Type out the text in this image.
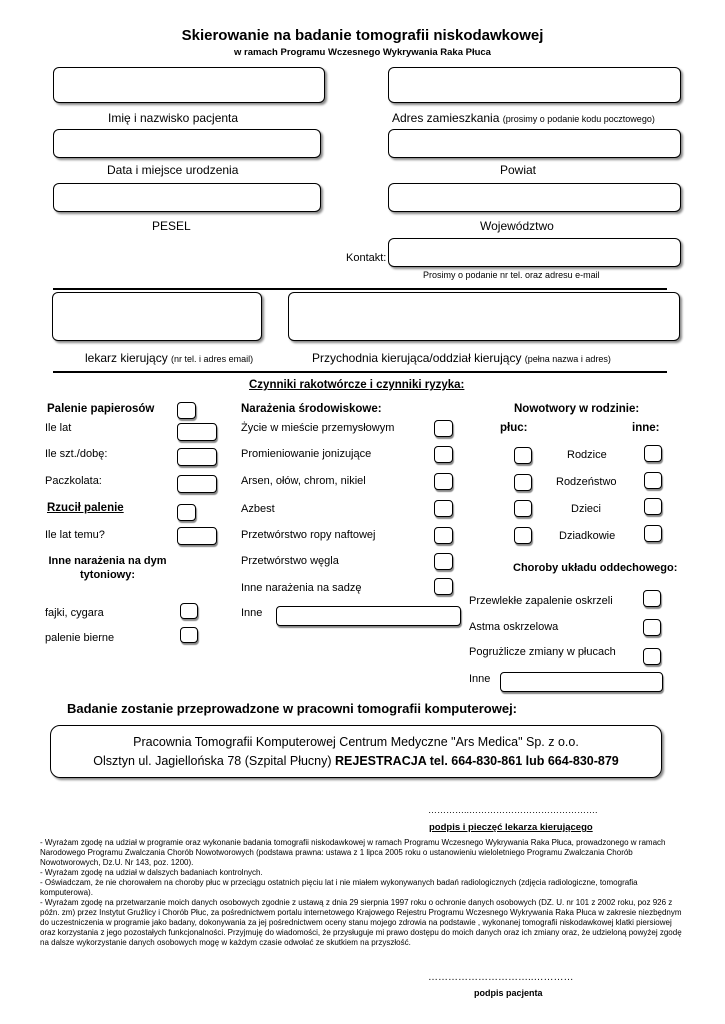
Skierowanie na badanie tomografii niskodawkowej
w ramach Programu Wczesnego Wykrywania Raka Płuca
Imię i nazwisko pacjenta	Adres zamieszkania (prosimy o podanie kodu pocztowego)
Data i miejsce urodzenia	Powiat
PESEL	Województwo
Kontakt:
Prosimy o podanie nr tel. oraz adresu e-mail
lekarz kierujący (nr tel. i adres email)	Przychodnia kierująca/oddział kierujący (pełna nazwa i adres)
Czynniki rakotwórcze i czynniki ryzyka:
Palenie papierosów
Ile lat
Ile szt./dobę:
Paczkolata:
Rzucił palenie
Ile lat temu?
Inne narażenia na dym tytoniowy:
fajki, cygara
palenie bierne
Narażenia środowiskowe:
Życie w mieście przemysłowym
Promieniowanie jonizujące
Arsen, ołów, chrom, nikiel
Azbest
Przetwórstwo ropy naftowej
Przetwórstwo węgla
Inne narażenia na sadzę
Inne
Nowotwory w rodzinie:
płuc:	inne:
Rodzice
Rodzeństwo
Dzieci
Dziadkowie
Choroby układu oddechowego:
Przewlekłe zapalenie oskrzeli
Astma oskrzelowa
Pogrużlicze zmiany w płucach
Inne
Badanie zostanie przeprowadzone w pracowni tomografii komputerowej:
Pracownia Tomografii Komputerowej Centrum Medyczne "Ars Medica" Sp. z o.o.
Olsztyn ul. Jagiellońska 78 (Szpital Płucny) REJESTRACJA tel. 664-830-861 lub 664-830-879
…………..…………………………………….
podpis i pieczęć lekarza kierującego

- Wyrażam zgodę na udział w programie oraz wykonanie badania tomografii niskodawkowej w ramach Programu Wczesnego Wykrywania Raka Płuca, prowadzonego w ramach Narodowego Programu Zwalczania Chorób Nowotworowych (podstawa prawna: ustawa z 1 lipca 2005 roku o ustanowieniu wieloletniego Programu Zwalczania Chorób Nowotworowych, Dz.U. Nr 143, poz. 1200).

- Wyrażam zgodę na udział w dalszych badaniach kontrolnych.

- Oświadczam, że nie chorowałem na choroby płuc w przeciągu ostatnich pięciu lat i nie miałem wykonywanych badań radiologicznych (zdjęcia radiologiczne, tomografia komputerowa).

- Wyrażam zgodę na przetwarzanie moich danych osobowych zgodnie z ustawą z dnia 29 sierpnia 1997 roku o ochronie danych osobowych (DZ. U. nr 101 z 2002 roku, poz 926 z późn. zm) przez Instytut Gruźlicy i Chorób Płuc, za pośrednictwem portalu internetowego Krajowego Rejestru Programu Wczesnego Wykrywania Raka Płuca w zakresie niezbędnym do uczestniczenia w programie jako badany, dokonywania za jej pośrednictwem oceny stanu mojego zdrowia na podstawie , wykonanej tomografii niskodawkowej klatki piersiowej oraz korzystania z jego pozostałych funkcjonalności. Przyjmuję do wiadomości, że przysługuje mi prawo dostępu do moich danych oraz ich zmiany oraz, że udzieloną powyżej zgodę na dalsze wykorzystanie danych osobowych mogę w każdym czasie odwołać ze skutkiem na przyszłość.

…………………………..…………
podpis pacjenta
